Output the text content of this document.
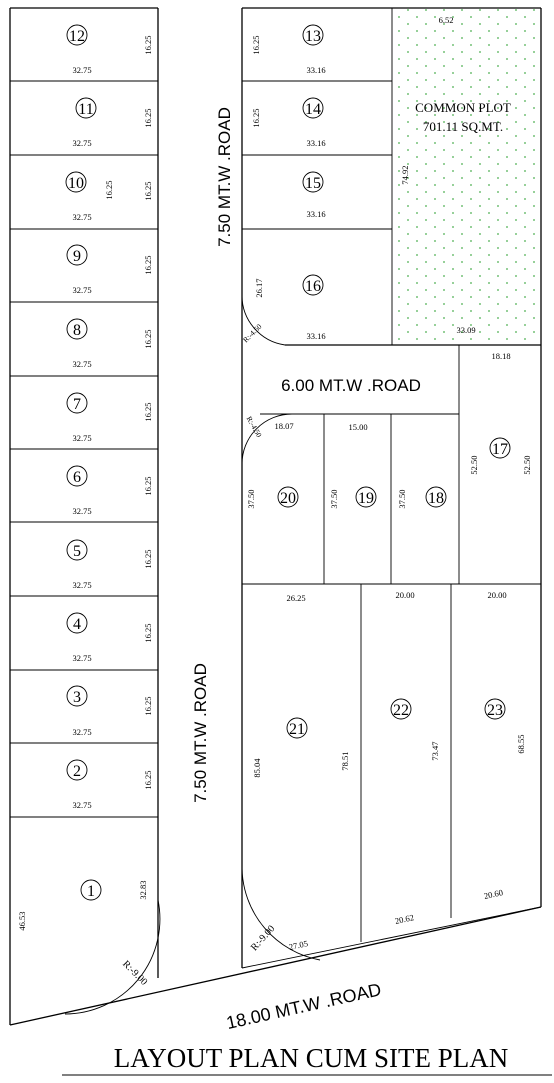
12
32.75
16.25
11
32.75
16.25
10
32.75
16.25	16.25
9
32.75
16.25
8
32.75
16.25
7
32.75
16.25
6
32.75
16.25
5
32.75
16.25
4
32.75
16.25
3
32.75
16.25
2
32.75
16.25
1	32.83
46.53
R:-9.00
7.50 MT.W .ROAD
7.50 MT.W .ROAD
13
33.16
16.25
14
33.16
16.25
15
33.16
16
33.16
26.17
R:-4.50
6.52
COMMON PLOT
701.11 SQ.MT.
74.92
33.09
6.00 MT.W .ROAD
17
18.18
52.50	52.50
18
37.50
19
15.00
37.50
20
18.07
37.50
R:-4.50
21
26.25
85.04	78.51
27.05
R:-9.00
22
20.00
73.47
20.62
23
20.00
68.55
20.60
18.00 MT.W .ROAD
LAYOUT PLAN CUM SITE PLAN
